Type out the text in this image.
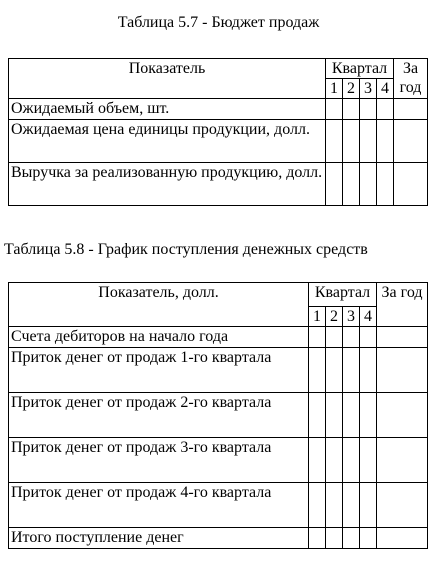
Таблица 5.7 - Бюджет продаж
Показатель	Квартал				За год
	1	2	3	4	
Ожидаемый объем, шт.					
Ожидаемая цена единицы продукции, долл.					
Выручка за реализованную продукцию, долл.					
Таблица 5.8 - График поступления денежных средств
Показатель, долл.	Квартал				За год
	1	2	3	4	
Счета дебиторов на начало года					
Приток денег от продаж 1-го квартала					
Приток денег от продаж 2-го квартала					
Приток денег от продаж 3-го квартала					
Приток денег от продаж 4-го квартала					
Итого поступление денег					
